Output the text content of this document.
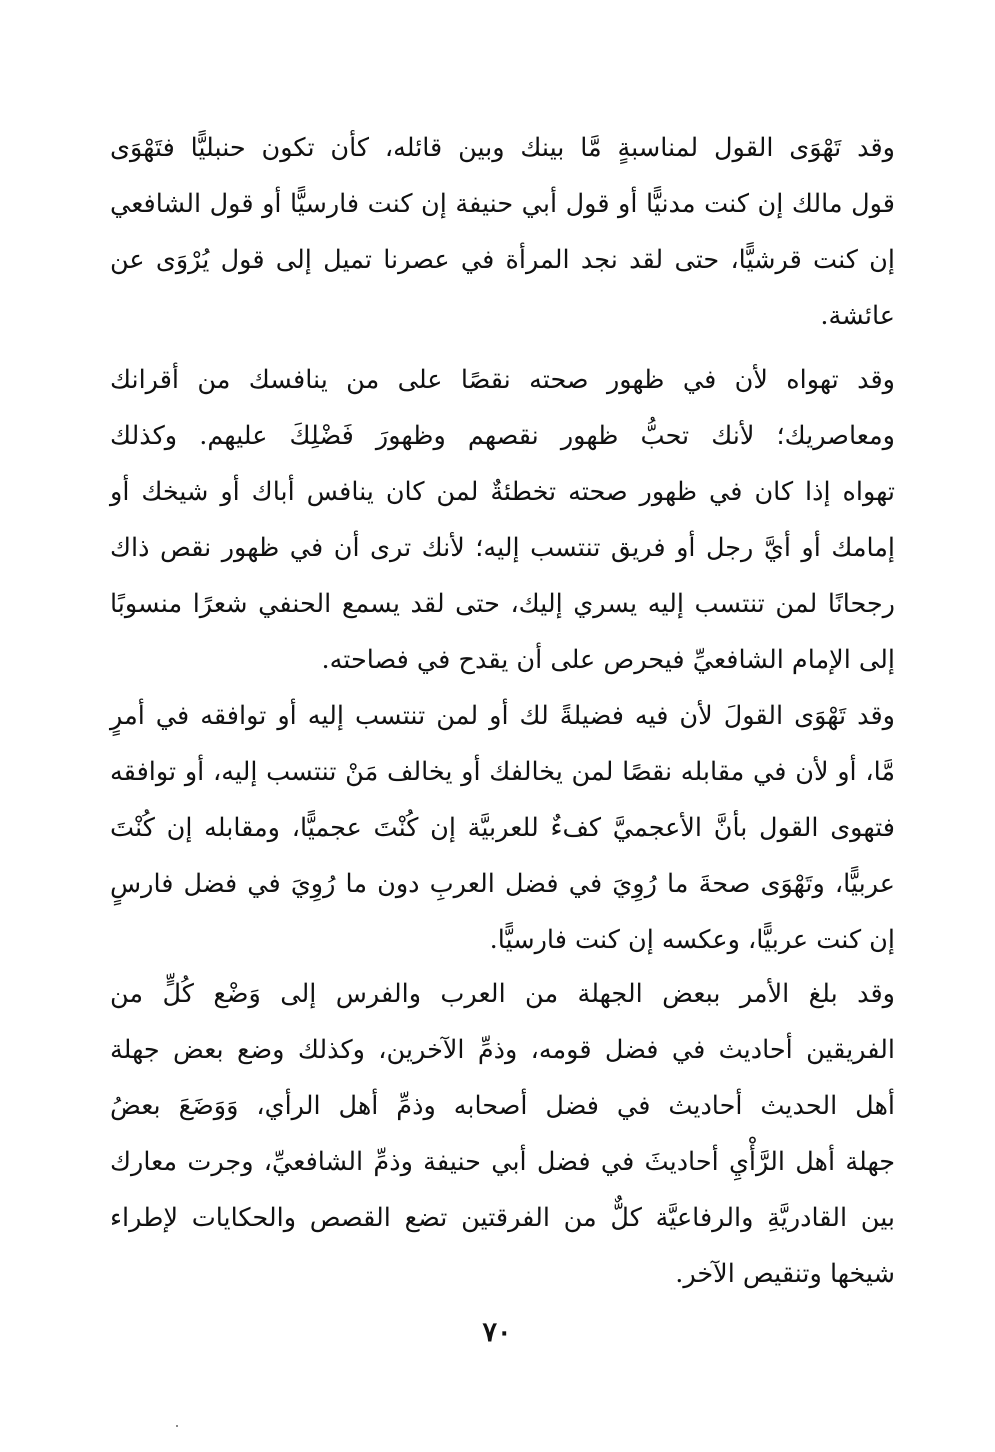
وقد تَهْوَى القول لمناسبةٍ مَّا بينك وبين قائله، كأن تكون حنبليًّا فتَهْوَى
قول مالك إن كنت مدنيًّا أو قول أبي حنيفة إن كنت فارسيًّا أو قول الشافعي
إن كنت قرشيًّا، حتى لقد نجد المرأة في عصرنا تميل إلى قول يُرْوَى عن
عائشة.
وقد تهواه لأن في ظهور صحته نقصًا على من ينافسك من أقرانك
ومعاصريك؛ لأنك تحبُّ ظهور نقصهم وظهورَ فَضْلِكَ عليهم. وكذلك
تهواه إذا كان في ظهور صحته تخطئةٌ لمن كان ينافس أباك أو شيخك أو
إمامك أو أيَّ رجل أو فريق تنتسب إليه؛ لأنك ترى أن في ظهور نقص ذاك
رجحانًا لمن تنتسب إليه يسري إليك، حتى لقد يسمع الحنفي شعرًا منسوبًا
إلى الإمام الشافعيِّ فيحرص على أن يقدح في فصاحته.
وقد تَهْوَى القولَ لأن فيه فضيلةً لك أو لمن تنتسب إليه أو توافقه في أمرٍ
مَّا، أو لأن في مقابله نقصًا لمن يخالفك أو يخالف مَنْ تنتسب إليه، أو توافقه
فتهوى القول بأنَّ الأعجميَّ كفءٌ للعربيَّة إن كُنْتَ عجميًّا، ومقابله إن كُنْتَ
عربيًّا، وتَهْوَى صحةَ ما رُوِيَ في فضل العربِ دون ما رُوِيَ في فضل فارسٍ
إن كنت عربيًّا، وعكسه إن كنت فارسيًّا.
وقد بلغ الأمر ببعض الجهلة من العرب والفرس إلى وَضْع كُلٍّ من
الفريقين أحاديث في فضل قومه، وذمِّ الآخرين، وكذلك وضع بعض جهلة
أهل الحديث أحاديث في فضل أصحابه وذمِّ أهل الرأي، وَوَضَعَ بعضُ
جهلة أهل الرَّأْيِ أحاديثَ في فضل أبي حنيفة وذمِّ الشافعيِّ، وجرت معارك
بين القادريَّةِ والرفاعيَّة كلٌّ من الفرقتين تضع القصص والحكايات لإطراء
شيخها وتنقيص الآخر.
٧٠
